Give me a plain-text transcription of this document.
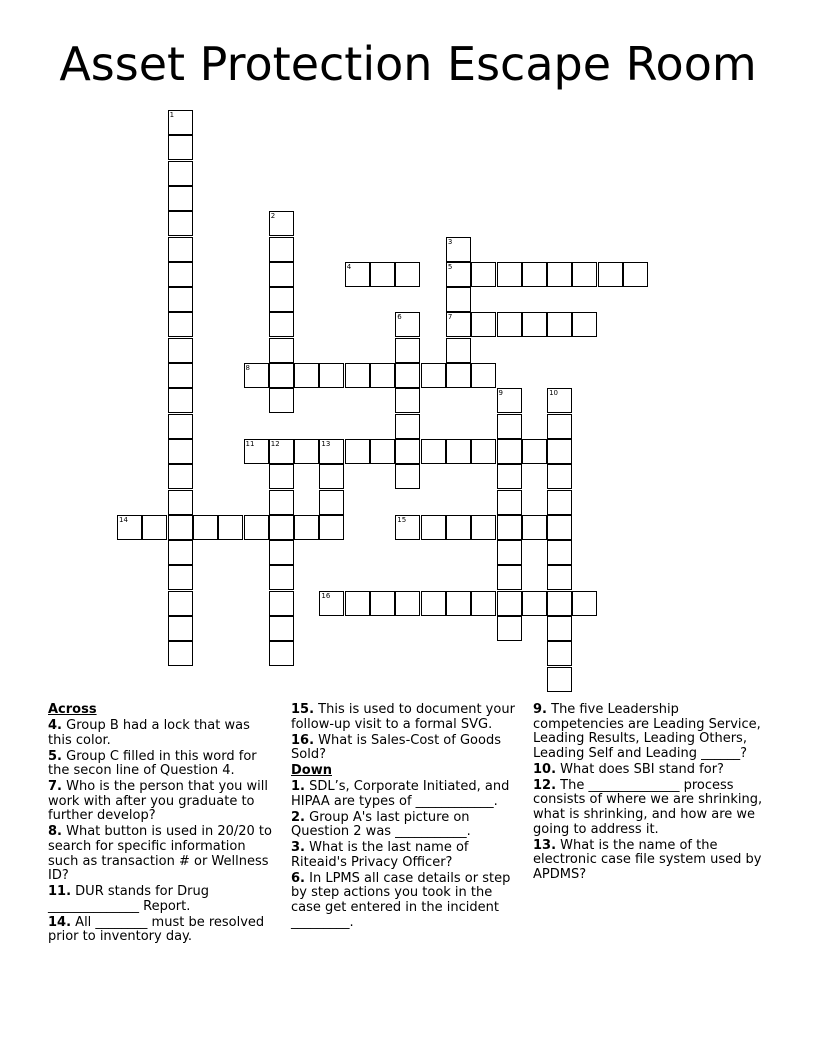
Asset Protection Escape Room
1
2
3
5
7
4
6
8
9	10
11 12	13
14	15
16

Across

4. Group B had a lock that was this color.

5. Group C filled in this word for the secon line of Question 4.

7. Who is the person that you will work with after you graduate to further develop?

8. What button is used in 20/20 to search for specific information such as transaction # or Wellness ID?

11. DUR stands for Drug ______________ Report.

14. All ________ must be resolved prior to inventory day.

15. This is used to document your follow-up visit to a formal SVG.

16. What is Sales-Cost of Goods Sold?

Down

1. SDL’s, Corporate Initiated, and HIPAA are types of ____________.

2. Group A's last picture on Question 2 was ___________.

3. What is the last name of Riteaid's Privacy Officer?

6. In LPMS all case details or step by step actions you took in the case get entered in the incident _________.

9. The five Leadership competencies are Leading Service, Leading Results, Leading Others, Leading Self and Leading ______?

10. What does SBI stand for?

12. The ______________ process consists of where we are shrinking, what is shrinking, and how are we going to address it.

13. What is the name of the electronic case file system used by APDMS?
